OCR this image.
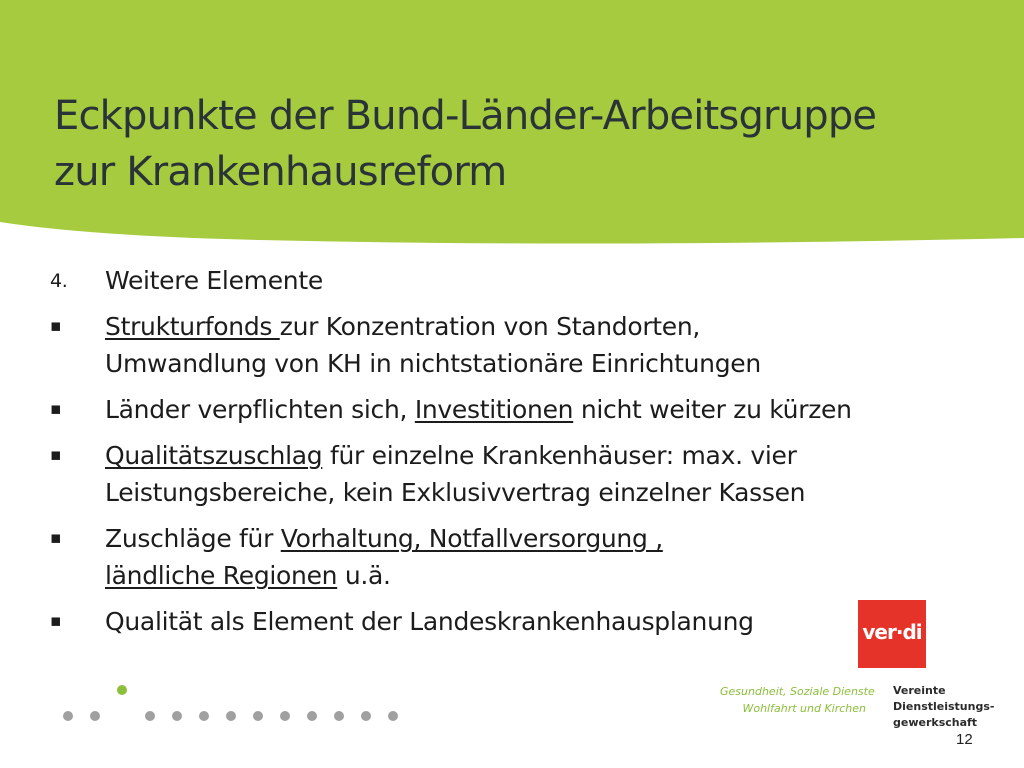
Eckpunkte der Bund-Länder-Arbeitsgruppe
zur Krankenhausreform
4. Weitere Elemente
▪ Strukturfonds zur Konzentration von Standorten,
Umwandlung von KH in nichtstationäre Einrichtungen
▪ Länder verpflichten sich, Investitionen nicht weiter zu kürzen
▪ Qualitätszuschlag für einzelne Krankenhäuser: max. vier
Leistungsbereiche, kein Exklusivvertrag einzelner Kassen
▪ Zuschläge für Vorhaltung, Notfallversorgung ,
ländliche Regionen u.ä.
▪ Qualität als Element der Landeskrankenhausplanung	ver·di
Gesundheit, Soziale Dienste
Wohlfahrt und Kirchen
Vereinte
Dienstleistungs-
gewerkschaft
12
